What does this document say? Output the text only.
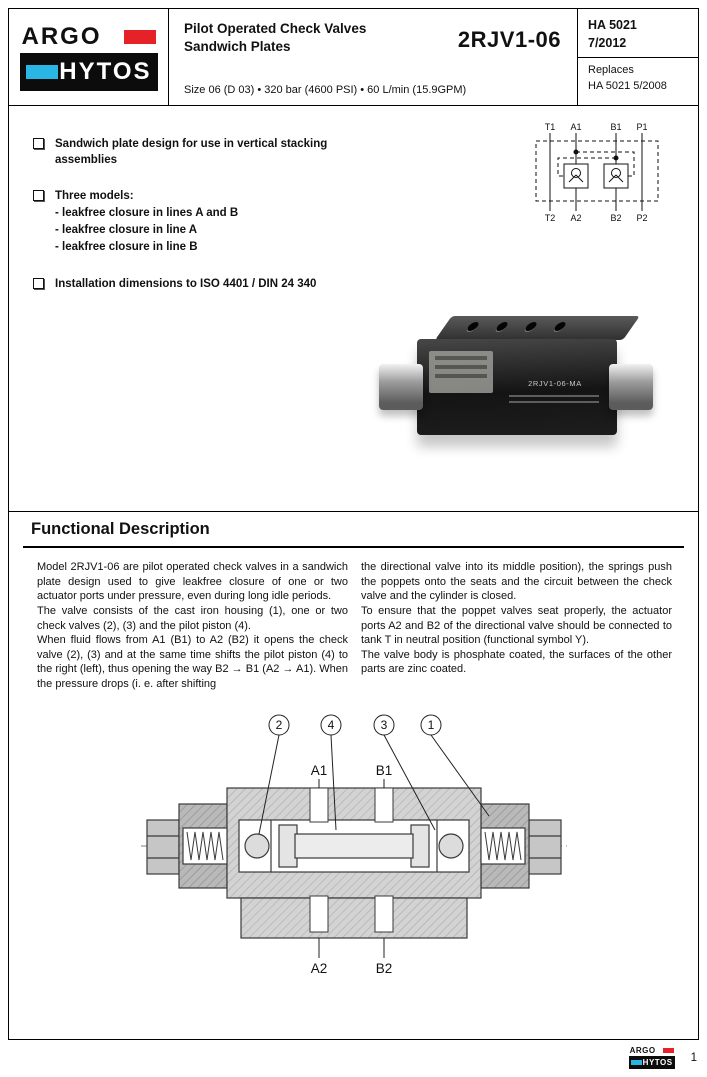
ARGO
HYTOS
Pilot Operated Check Valves
Sandwich Plates	2RJV1-06
Size 06 (D 03) • 320 bar (4600 PSI) • 60 L/min (15.9GPM)
HA 5021
7/2012
Replaces
HA 5021 5/2008
Sandwich plate design for use in vertical stacking assemblies
Three models:
- leakfree closure in lines A and B
- leakfree closure in line A
- leakfree closure in line B
Installation dimensions to ISO 4401 / DIN 24 340
T1 A1	B1 P1
T2 A2	B2 P2
2RJV1-06-MA
Functional Description

Model 2RJV1-06 are pilot operated check valves in a sandwich plate design used to give leakfree closure of one or two actuator ports under pressure, even during long idle periods.

The valve consists of the cast iron housing (1), one or two check valves (2), (3) and the pilot piston (4).

When fluid flows from A1 (B1) to A2 (B2) it opens the check valve (2), (3) and at the same time shifts the pilot piston (4) to the right (left), thus opening the way B2 → B1 (A2 → A1). When the pressure drops (i. e. after shifting

the directional valve into its middle position), the springs push the poppets onto the seats and the circuit between the check valve and the cylinder is closed.

To ensure that the poppet valves seat properly, the actuator ports A2 and B2 of the directional valve should be connected to tank T in neutral position (functional symbol Y).

The valve body is phosphate coated, the surfaces of the other parts are zinc coated.

2	4	3	1
A1	B1
A2	B2
ARGO
HYTOS 1
